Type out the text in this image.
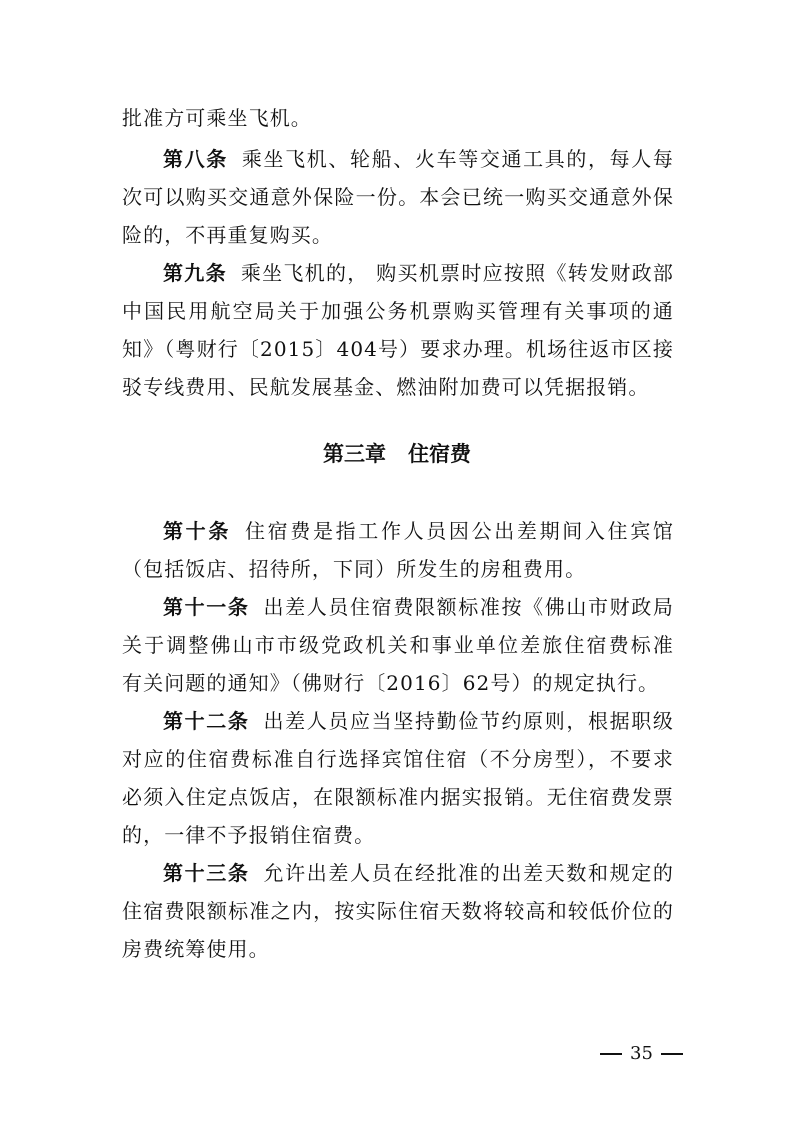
批准方可乘坐飞机。
第八条 乘坐飞机、轮船、火车等交通工具的，每人每
次可以购买交通意外保险一份。本会已统一购买交通意外保
险的，不再重复购买。
第九条 乘坐飞机的， 购买机票时应按照《转发财政部
中国民用航空局关于加强公务机票购买管理有关事项的通
知》（粤财行〔2015〕404号）要求办理。机场往返市区接
驳专线费用、民航发展基金、燃油附加费可以凭据报销。
第三章 住宿费
第十条 住宿费是指工作人员因公出差期间入住宾馆
（包括饭店、招待所，下同）所发生的房租费用。
第十一条 出差人员住宿费限额标准按《佛山市财政局
关于调整佛山市市级党政机关和事业单位差旅住宿费标准
有关问题的通知》（佛财行〔2016〕62号）的规定执行。
第十二条 出差人员应当坚持勤俭节约原则，根据职级
对应的住宿费标准自行选择宾馆住宿（不分房型），不要求
必须入住定点饭店，在限额标准内据实报销。无住宿费发票
的，一律不予报销住宿费。
第十三条 允许出差人员在经批准的出差天数和规定的
住宿费限额标准之内，按实际住宿天数将较高和较低价位的
房费统筹使用。
35
